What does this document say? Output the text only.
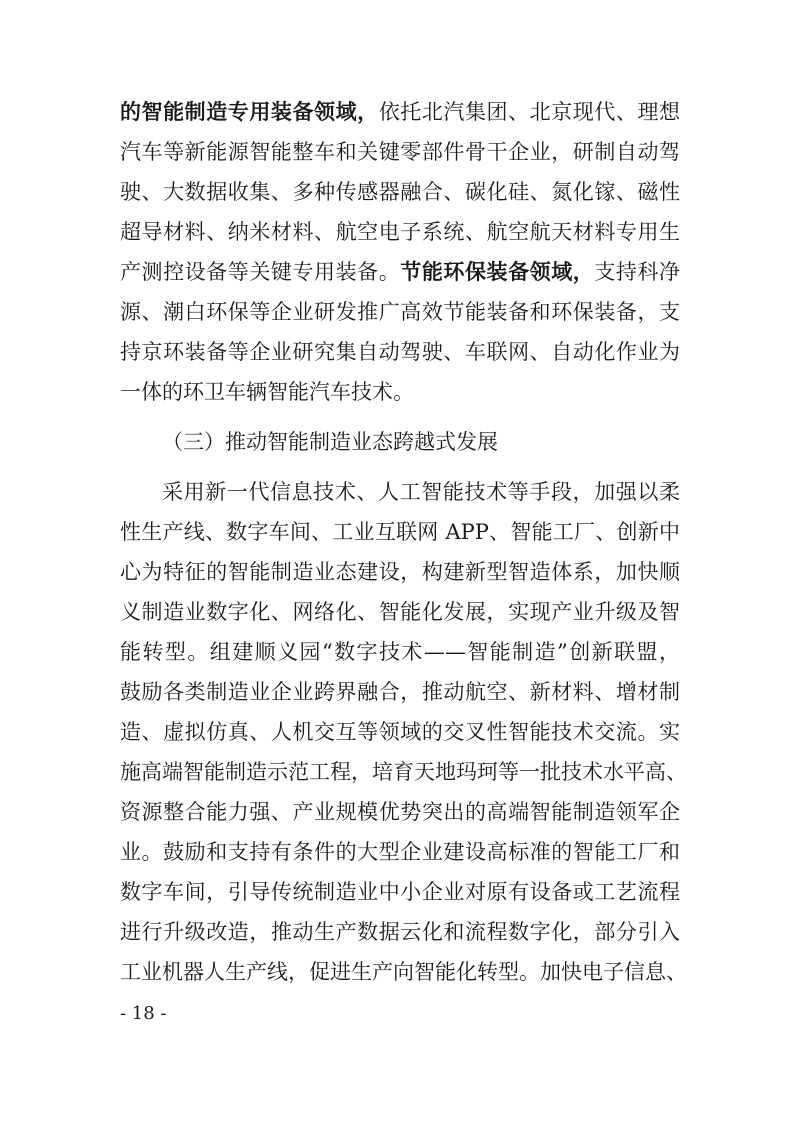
的智能制造专用装备领域，依托北汽集团、北京现代、理想
汽车等新能源智能整车和关键零部件骨干企业，研制自动驾
驶、大数据收集、多种传感器融合、碳化硅、氮化镓、磁性
超导材料、纳米材料、航空电子系统、航空航天材料专用生
产测控设备等关键专用装备。节能环保装备领域，支持科净
源、潮白环保等企业研发推广高效节能装备和环保装备，支
持京环装备等企业研究集自动驾驶、车联网、自动化作业为
一体的环卫车辆智能汽车技术。
（三）推动智能制造业态跨越式发展
采用新一代信息技术、人工智能技术等手段，加强以柔
性生产线、数字车间、工业互联网 APP、智能工厂、创新中
心为特征的智能制造业态建设，构建新型智造体系，加快顺
义制造业数字化、网络化、智能化发展，实现产业升级及智
能转型。组建顺义园“数字技术——智能制造”创新联盟，
鼓励各类制造业企业跨界融合，推动航空、新材料、增材制
造、虚拟仿真、人机交互等领域的交叉性智能技术交流。实
施高端智能制造示范工程，培育天地玛珂等一批技术水平高、
资源整合能力强、产业规模优势突出的高端智能制造领军企
业。鼓励和支持有条件的大型企业建设高标准的智能工厂和
数字车间，引导传统制造业中小企业对原有设备或工艺流程
进行升级改造，推动生产数据云化和流程数字化，部分引入
工业机器人生产线，促进生产向智能化转型。加快电子信息、
- 18 -
